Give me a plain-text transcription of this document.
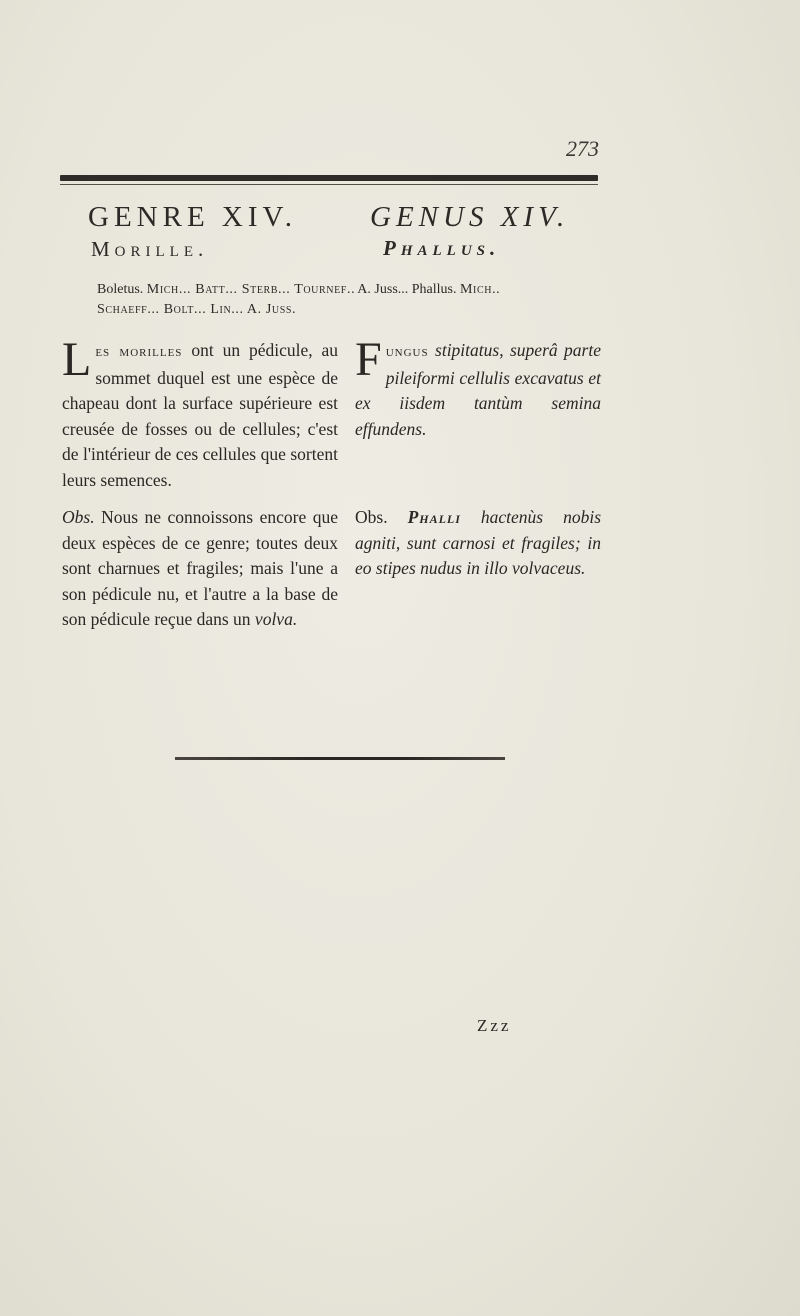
273
GENRE XIV.	GENUS XIV.
Morille.	Phallus.
Boletus. Mich... Batt... Sterb... Tournef.. A. Juss... Phallus. Mich..
Schaeff... Bolt... Lin... A. Juss.
Les morilles ont un pédicule, au sommet duquel est une espèce de chapeau dont la surface supérieure est creusée de fosses ou de cellules; c'est de l'intérieur de ces cellules que sortent leurs semences.
Fungus stipitatus, superâ parte pileiformi cellulis excavatus et ex iisdem tantùm semina effundens.
Obs. Nous ne connoissons encore que deux espèces de ce genre; toutes deux sont charnues et fragiles; mais l'une a son pédicule nu, et l'autre a la base de son pédicule reçue dans un volva.
Obs. Phalli hactenùs nobis agniti, sunt carnosi et fragiles; in eo stipes nudus in illo volvaceus.
Zzz
